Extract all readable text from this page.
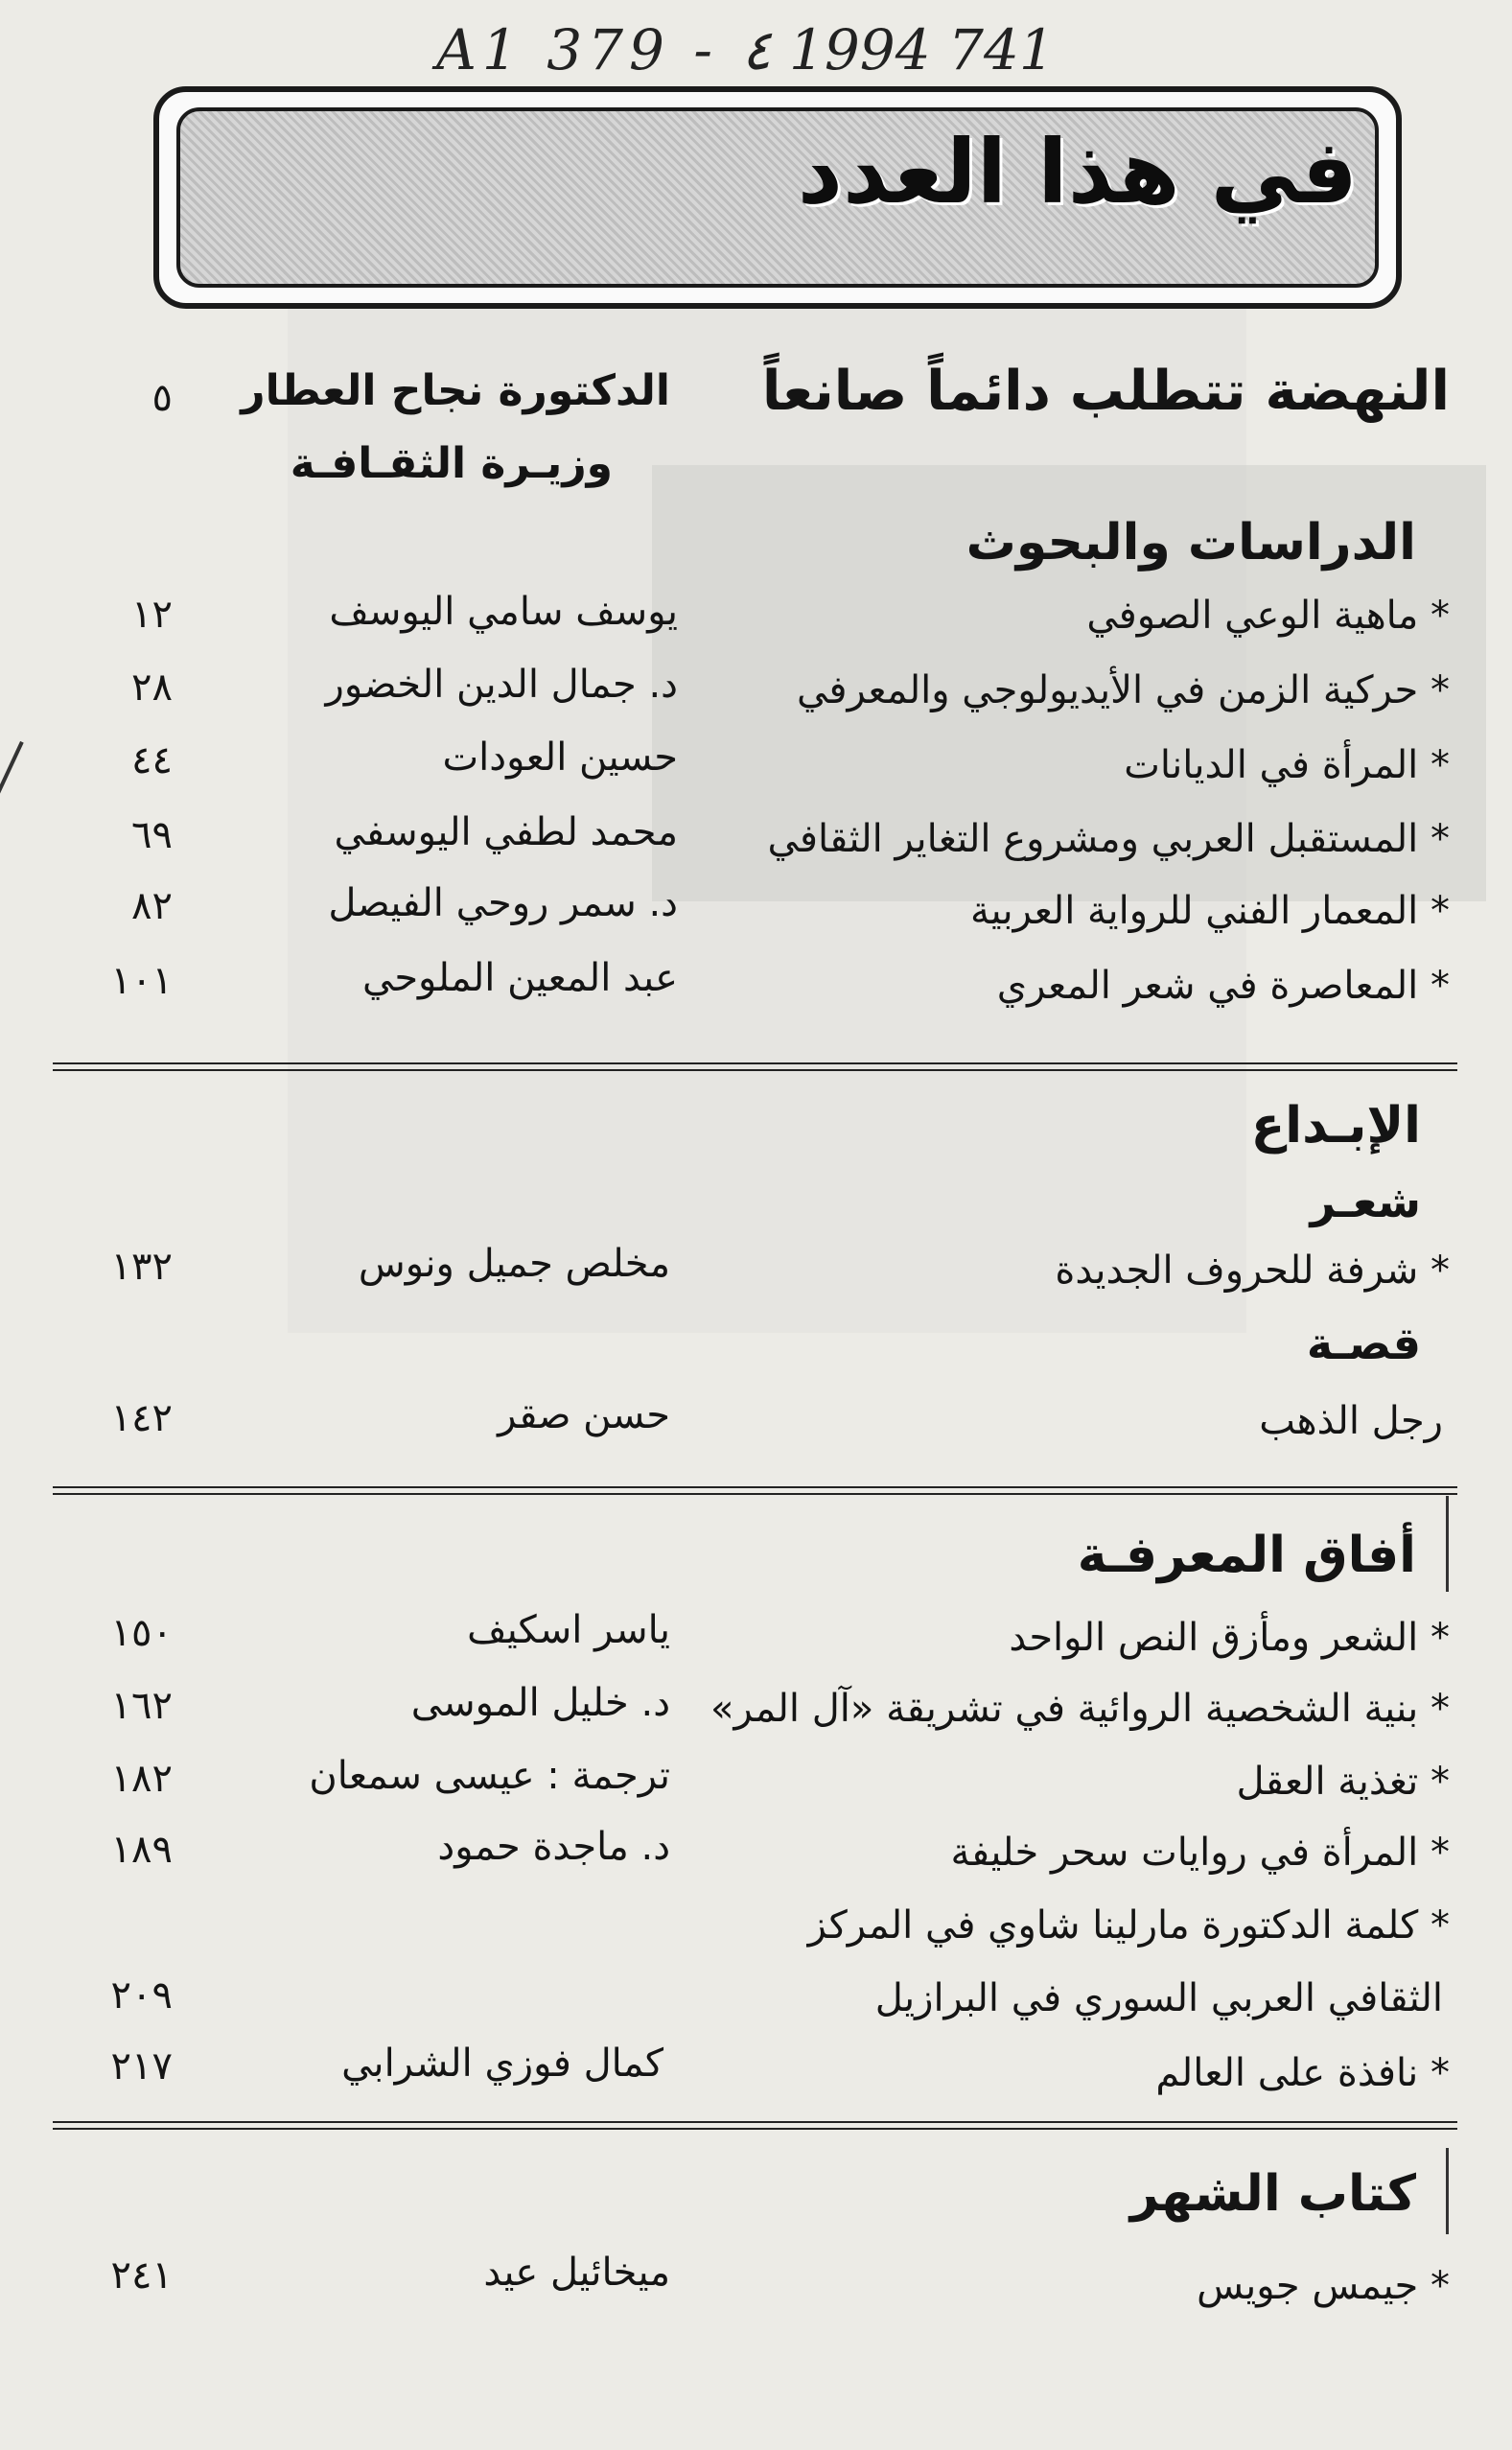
A1 379 - ٤ 1994 741
في هذا العدد
النهضة تتطلب دائماً صانعاً
الدكتورة نجاح العطار
وزيـرة الثقـافـة
٥
الدراسات والبحوث
* ماهية الوعي الصوفي
يوسف سامي اليوسف
١٢
* حركية الزمن في الأيديولوجي والمعرفي
د. جمال الدين الخضور
٢٨
* المرأة في الديانات
حسين العودات
٤٤
* المستقبل العربي ومشروع التغاير الثقافي
محمد لطفي اليوسفي
٦٩
* المعمار الفني للرواية العربية
د. سمر روحي الفيصل
٨٢
* المعاصرة في شعر المعري
عبد المعين الملوحي
١٠١
الإبـداع
شعـر
* شرفة للحروف الجديدة
مخلص جميل ونوس
١٣٢
قصـة
رجل الذهب
حسن صقر
١٤٢
أفاق المعرفـة
* الشعر ومأزق النص الواحد
ياسر اسكيف
١٥٠
* بنية الشخصية الروائية في تشريقة «آل المر»
د. خليل الموسى
١٦٢
* تغذية العقل
ترجمة : عيسى سمعان
١٨٢
* المرأة في روايات سحر خليفة
د. ماجدة حمود
١٨٩
* كلمة الدكتورة مارلينا شاوي في المركز
الثقافي العربي السوري في البرازيل
٢٠٩
* نافذة على العالم
كمال فوزي الشرابي
٢١٧
كتاب الشهر
* جيمس جويس
ميخائيل عيد
٢٤١
